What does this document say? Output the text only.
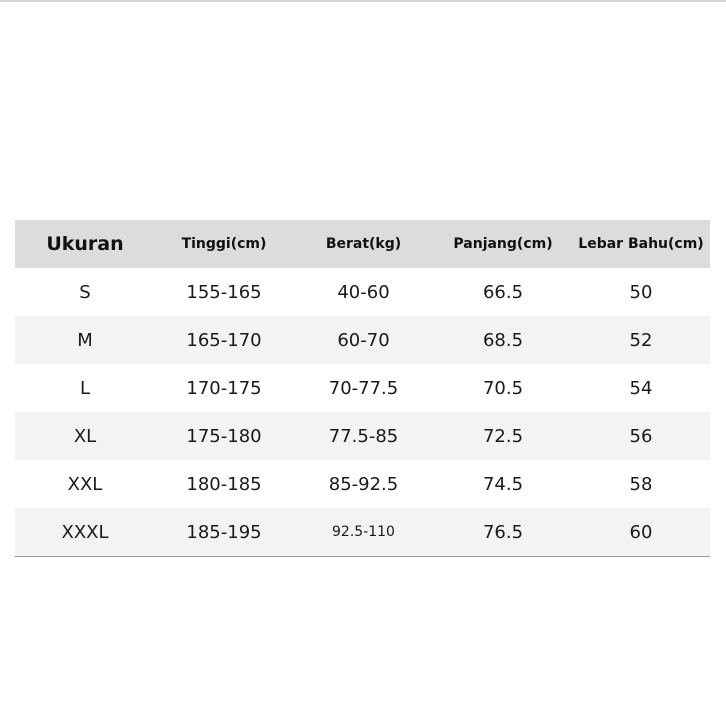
Ukuran	Tinggi(cm)	Berat(kg)	Panjang(cm)	Lebar Bahu(cm)
S	155-165	40-60	66.5	50
M	165-170	60-70	68.5	52
L	170-175	70-77.5	70.5	54
XL	175-180	77.5-85	72.5	56
XXL	180-185	85-92.5	74.5	58
XXXL	185-195	92.5-110	76.5	60
